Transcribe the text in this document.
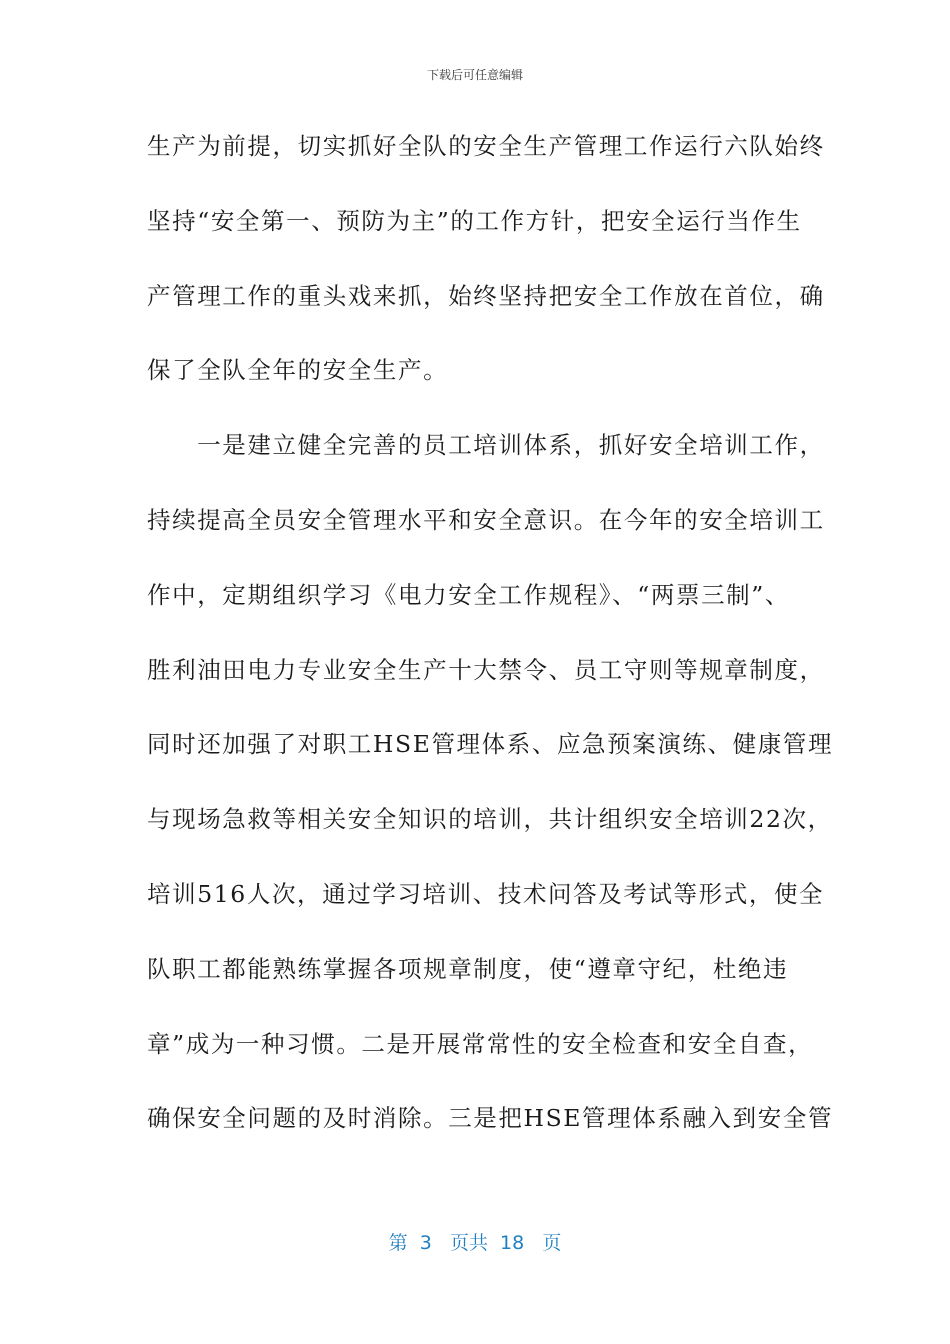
下载后可任意编辑
生产为前提，切实抓好全队的安全生产管理工作运行六队始终
坚持“安全第一、预防为主”的工作方针，把安全运行当作生
产管理工作的重头戏来抓，始终坚持把安全工作放在首位，确
保了全队全年的安全生产。
　　一是建立健全完善的员工培训体系，抓好安全培训工作，
持续提高全员安全管理水平和安全意识。在今年的安全培训工
作中，定期组织学习《电力安全工作规程》、“两票三制”、
胜利油田电力专业安全生产十大禁令、员工守则等规章制度，
同时还加强了对职工HSE管理体系、应急预案演练、健康管理
与现场急救等相关安全知识的培训，共计组织安全培训22次，
培训516人次，通过学习培训、技术问答及考试等形式，使全
队职工都能熟练掌握各项规章制度，使“遵章守纪，杜绝违
章”成为一种习惯。二是开展常常性的安全检查和安全自查，
确保安全问题的及时消除。三是把HSE管理体系融入到安全管
第  3   页共  18   页
